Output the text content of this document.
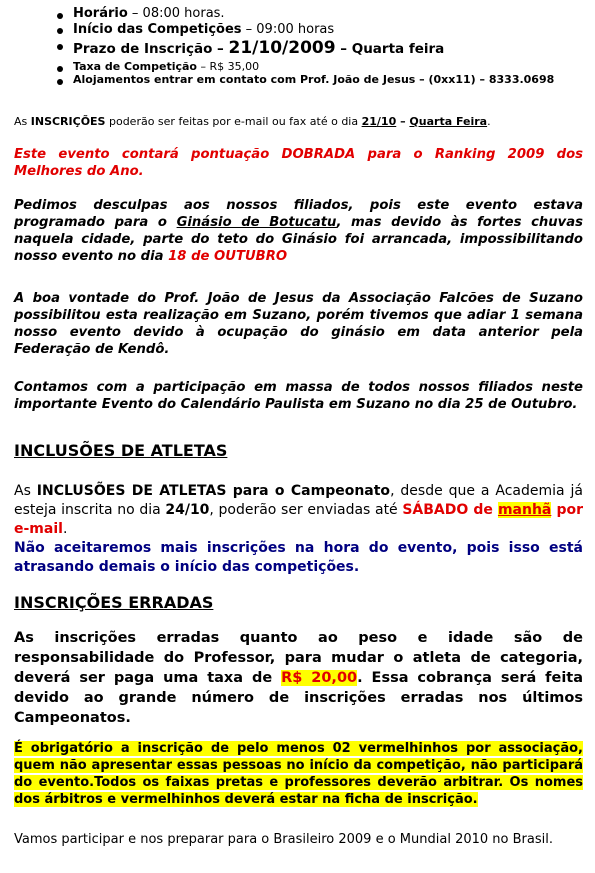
Horário – 08:00 horas.
Início das Competições – 09:00 horas
Prazo de Inscrição – 21/10/2009 – Quarta feira
Taxa de Competição – R$ 35,00
Alojamentos entrar em contato com Prof. João de Jesus – (0xx11) – 8333.0698
As INSCRIÇÕES poderão ser feitas por e-mail ou fax até o dia 21/10 – Quarta Feira.
Este evento contará pontuação DOBRADA para o Ranking 2009 dos Melhores do Ano.
Pedimos desculpas aos nossos filiados, pois este evento estava programado para o Ginásio de Botucatu, mas devido às fortes chuvas naquela cidade, parte do teto do Ginásio foi arrancada, impossibilitando nosso evento no dia 18 de OUTUBRO
A boa vontade do Prof. João de Jesus da Associação Falcões de Suzano possibilitou esta realização em Suzano, porém tivemos que adiar 1 semana nosso evento devido à ocupação do ginásio em data anterior pela Federação de Kendô.
Contamos com a participação em massa de todos nossos filiados neste importante Evento do Calendário Paulista em Suzano no dia 25 de Outubro.
INCLUSÕES DE ATLETAS
As INCLUSÕES DE ATLETAS para o Campeonato, desde que a Academia já esteja inscrita no dia 24/10, poderão ser enviadas até SÁBADO de manhã por e-mail.
Não aceitaremos mais inscrições na hora do evento, pois isso está atrasando demais o início das competições.
INSCRIÇÕES ERRADAS
As inscrições erradas quanto ao peso e idade são de responsabilidade do Professor, para mudar o atleta de categoria, deverá ser paga uma taxa de R$ 20,00. Essa cobrança será feita devido ao grande número de inscrições erradas nos últimos Campeonatos.
É obrigatório a inscrição de pelo menos 02 vermelhinhos por associação, quem não apresentar essas pessoas no início da competição, não participará do evento.Todos os faixas pretas e professores deverão arbitrar. Os nomes dos árbitros e vermelhinhos deverá estar na ficha de inscrição.
Vamos participar e nos preparar para o Brasileiro 2009 e o Mundial 2010 no Brasil.
